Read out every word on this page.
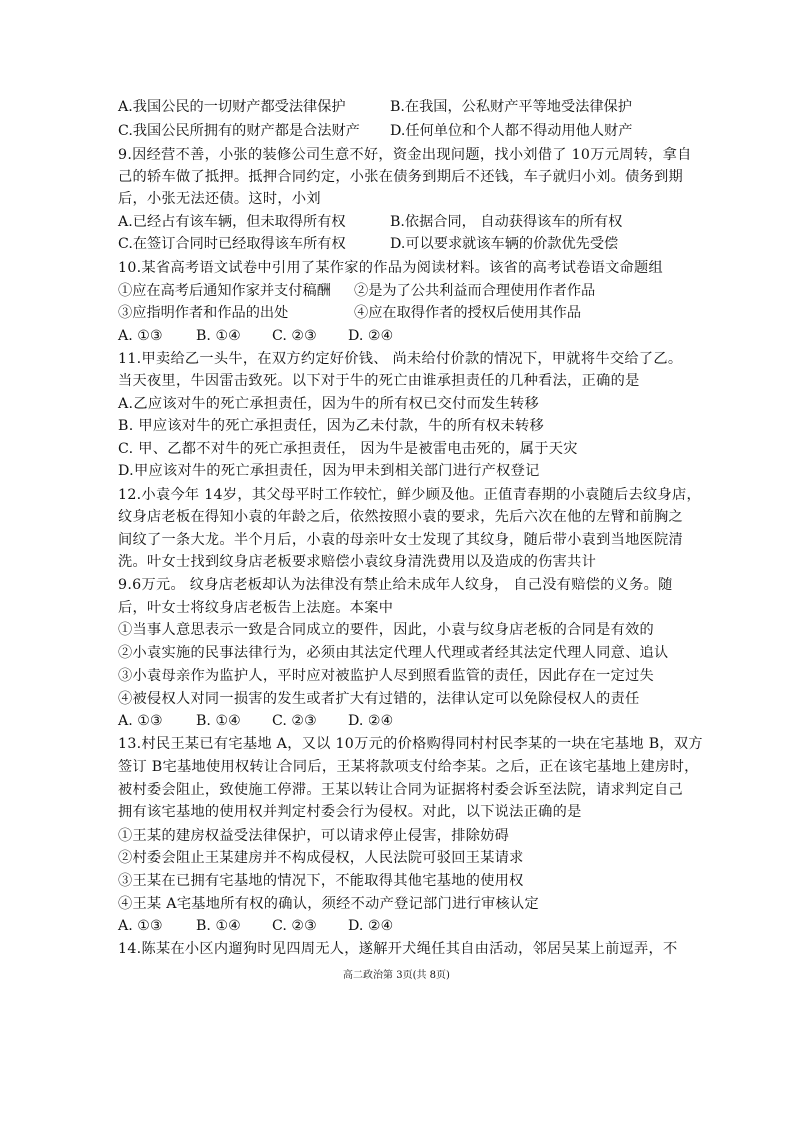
A.我国公民的一切财产都受法律保护	B.在我国，公私财产平等地受法律保护
C.我国公民所拥有的财产都是合法财产 D.任何单位和个人都不得动用他人财产
9.因经营不善，小张的装修公司生意不好，资金出现问题，找小刘借了 10万元周转，拿自
己的轿车做了抵押。抵押合同约定，小张在债务到期后不还钱，车子就归小刘。债务到期
后，小张无法还债。这时，小刘
A.已经占有该车辆，但未取得所有权	B.依据合同， 自动获得该车的所有权
C.在签订合同时已经取得该车所有权	D.可以要求就该车辆的价款优先受偿
10.某省高考语文试卷中引用了某作家的作品为阅读材料。该省的高考试卷语文命题组
①应在高考后通知作家并支付稿酬 ②是为了公共利益而合理使用作者作品
③应指明作者和作品的出处	④应在取得作者的授权后使用其作品
A. ①③ B. ①④ C. ②③ D. ②④
11.甲卖给乙一头牛，在双方约定好价钱、 尚未给付价款的情况下，甲就将牛交给了乙。
当天夜里，牛因雷击致死。以下对于牛的死亡由谁承担责任的几种看法，正确的是
A.乙应该对牛的死亡承担责任，因为牛的所有权已交付而发生转移
B. 甲应该对牛的死亡承担责任，因为乙未付款，牛的所有权未转移
C. 甲、乙都不对牛的死亡承担责任， 因为牛是被雷电击死的，属于天灾
D.甲应该对牛的死亡承担责任，因为甲未到相关部门进行产权登记
12.小袁今年 14岁，其父母平时工作较忙，鲜少顾及他。正值青春期的小袁随后去纹身店，
纹身店老板在得知小袁的年龄之后，依然按照小袁的要求，先后六次在他的左臂和前胸之
间纹了一条大龙。半个月后，小袁的母亲叶女士发现了其纹身，随后带小袁到当地医院清
洗。叶女士找到纹身店老板要求赔偿小袁纹身清洗费用以及造成的伤害共计
9.6万元。 纹身店老板却认为法律没有禁止给未成年人纹身， 自己没有赔偿的义务。随
后，叶女士将纹身店老板告上法庭。本案中
①当事人意思表示一致是合同成立的要件，因此，小袁与纹身店老板的合同是有效的
②小袁实施的民事法律行为，必须由其法定代理人代理或者经其法定代理人同意、追认
③小袁母亲作为监护人，平时应对被监护人尽到照看监管的责任，因此存在一定过失
④被侵权人对同一损害的发生或者扩大有过错的，法律认定可以免除侵权人的责任
A. ①③ B. ①④ C. ②③ D. ②④
13.村民王某已有宅基地 A，又以 10万元的价格购得同村村民李某的一块在宅基地 B，双方
签订 B宅基地使用权转让合同后，王某将款项支付给李某。之后，正在该宅基地上建房时，
被村委会阻止，致使施工停滞。王某以转让合同为证据将村委会诉至法院，请求判定自己
拥有该宅基地的使用权并判定村委会行为侵权。对此，以下说法正确的是
①王某的建房权益受法律保护，可以请求停止侵害，排除妨碍
②村委会阻止王某建房并不构成侵权，人民法院可驳回王某请求
③王某在已拥有宅基地的情况下，不能取得其他宅基地的使用权
④王某 A宅基地所有权的确认，须经不动产登记部门进行审核认定
A. ①③ B. ①④ C. ②③ D. ②④
14.陈某在小区内遛狗时见四周无人，遂解开犬绳任其自由活动，邻居吴某上前逗弄，不
高二政治第 3页(共 8页)
